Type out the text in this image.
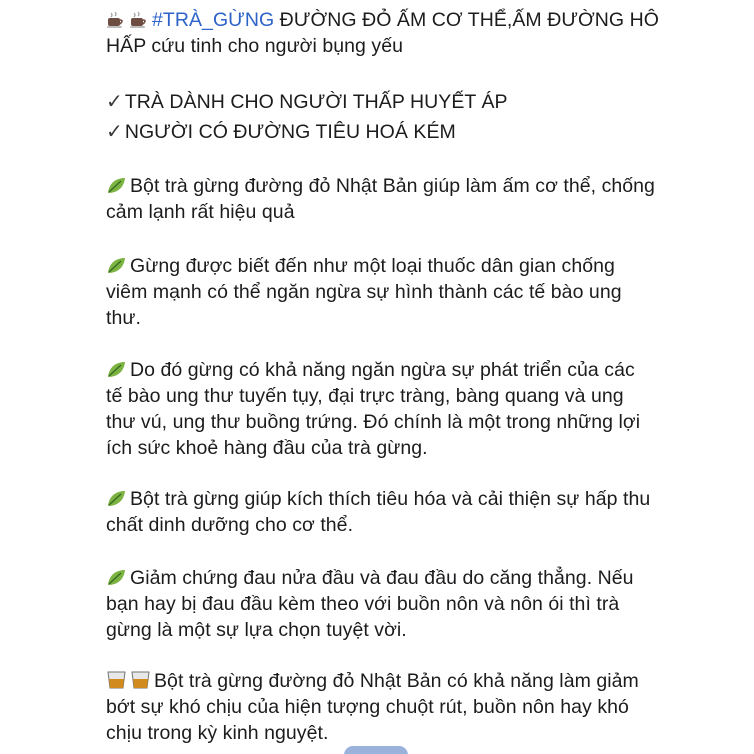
#TRÀ_GỪNG ĐƯỜNG ĐỎ ẤM CƠ THỂ,ẤM ĐƯỜNG HÔ
HẤP cứu tinh cho người bụng yếu
✓ TRÀ DÀNH CHO NGƯỜI THẤP HUYẾT ÁP
✓ NGƯỜI CÓ ĐƯỜNG TIÊU HOÁ KÉM
Bột trà gừng đường đỏ Nhật Bản giúp làm ấm cơ thể, chống
cảm lạnh rất hiệu quả
Gừng được biết đến như một loại thuốc dân gian chống
viêm mạnh có thể ngăn ngừa sự hình thành các tế bào ung
thư.
Do đó gừng có khả năng ngăn ngừa sự phát triển của các
tế bào ung thư tuyến tụy, đại trực tràng, bàng quang và ung
thư vú, ung thư buồng trứng. Đó chính là một trong những lợi
ích sức khoẻ hàng đầu của trà gừng.
Bột trà gừng giúp kích thích tiêu hóa và cải thiện sự hấp thu
chất dinh dưỡng cho cơ thể.
Giảm chứng đau nửa đầu và đau đầu do căng thẳng. Nếu
bạn hay bị đau đầu kèm theo với buồn nôn và nôn ói thì trà
gừng là một sự lựa chọn tuyệt vời.
Bột trà gừng đường đỏ Nhật Bản có khả năng làm giảm
bớt sự khó chịu của hiện tượng chuột rút, buồn nôn hay khó
chịu trong kỳ kinh nguyệt.
